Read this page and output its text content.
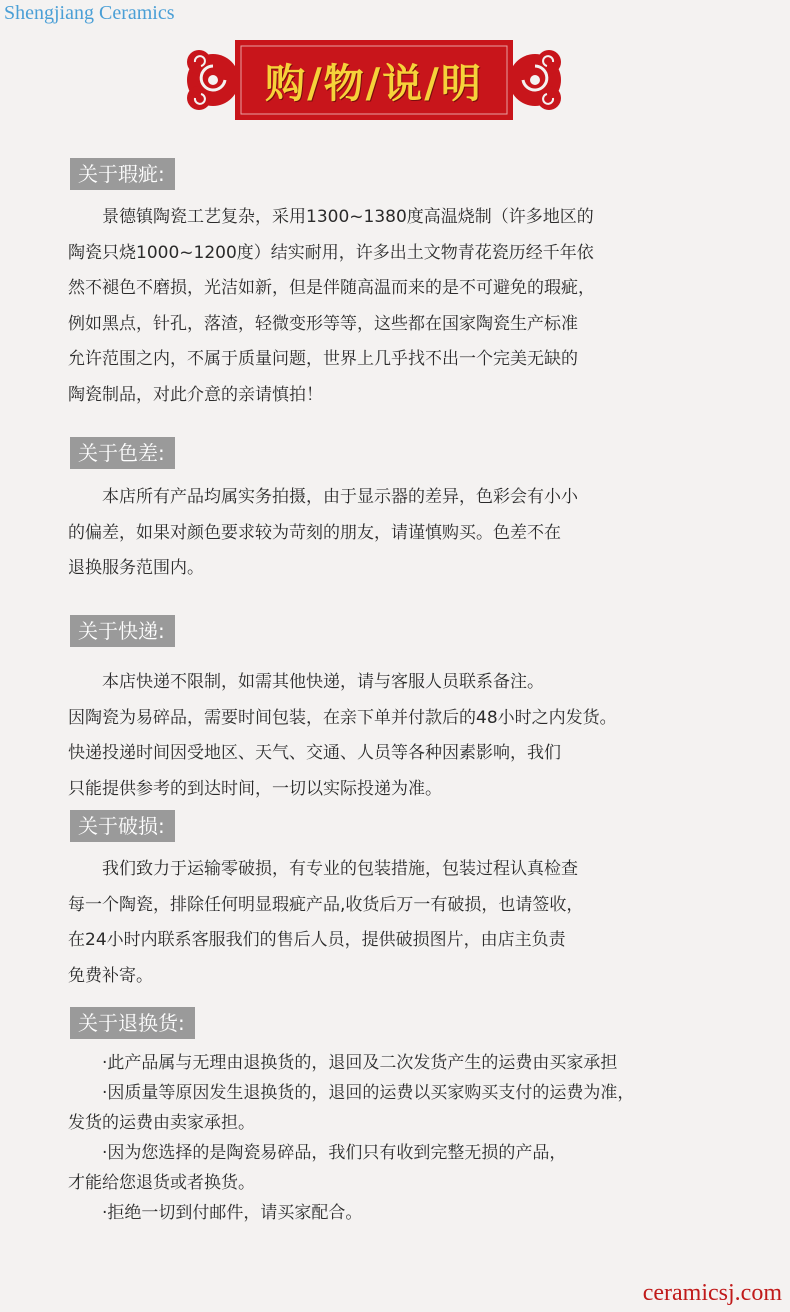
Shengjiang Ceramics
购/物/说/明
关于瑕疵:

　　景德镇陶瓷工艺复杂，采用1300~1380度高温烧制（许多地区的
陶瓷只烧1000~1200度）结实耐用，许多出土文物青花瓷历经千年依
然不褪色不磨损，光洁如新，但是伴随高温而来的是不可避免的瑕疵，
例如黑点，针孔，落渣，轻微变形等等，这些都在国家陶瓷生产标准
允许范围之内，不属于质量问题，世界上几乎找不出一个完美无缺的
陶瓷制品，对此介意的亲请慎拍！

关于色差:

　　本店所有产品均属实务拍摄，由于显示器的差异，色彩会有小小
的偏差，如果对颜色要求较为苛刻的朋友，请谨慎购买。色差不在
退换服务范围内。

关于快递:

　　本店快递不限制，如需其他快递，请与客服人员联系备注。
因陶瓷为易碎品，需要时间包装，在亲下单并付款后的48小时之内发货。
快递投递时间因受地区、天气、交通、人员等各种因素影响，我们
只能提供参考的到达时间，一切以实际投递为准。

关于破损:

　　我们致力于运输零破损，有专业的包装措施，包装过程认真检查
每一个陶瓷，排除任何明显瑕疵产品,收货后万一有破损，也请签收，
在24小时内联系客服我们的售后人员，提供破损图片，由店主负责
免费补寄。

关于退换货:

　　·此产品属与无理由退换货的，退回及二次发货产生的运费由买家承担
　　·因质量等原因发生退换货的，退回的运费以买家购买支付的运费为准，
发货的运费由卖家承担。
　　·因为您选择的是陶瓷易碎品，我们只有收到完整无损的产品，
才能给您退货或者换货。
　　·拒绝一切到付邮件，请买家配合。

ceramicsj.com
